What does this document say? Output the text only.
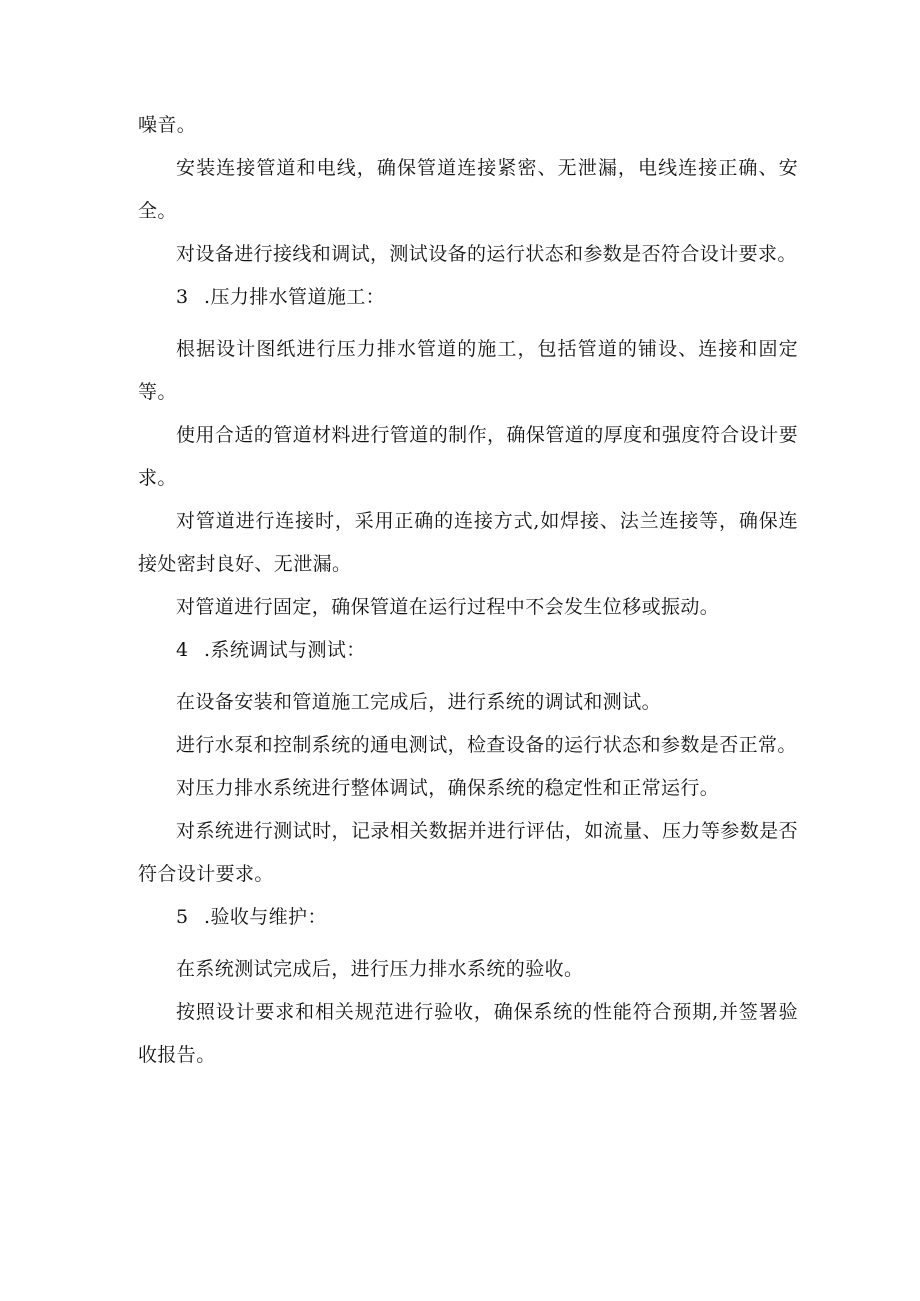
噪音。

安装连接管道和电线，确保管道连接紧密、无泄漏，电线连接正确、安全。

对设备进行接线和调试，测试设备的运行状态和参数是否符合设计要求。

3 .压力排水管道施工：

根据设计图纸进行压力排水管道的施工，包括管道的铺设、连接和固定等。

使用合适的管道材料进行管道的制作，确保管道的厚度和强度符合设计要求。

对管道进行连接时，采用正确的连接方式,如焊接、法兰连接等，确保连接处密封良好、无泄漏。

对管道进行固定，确保管道在运行过程中不会发生位移或振动。

4 .系统调试与测试：

在设备安装和管道施工完成后，进行系统的调试和测试。

进行水泵和控制系统的通电测试，检查设备的运行状态和参数是否正常。

对压力排水系统进行整体调试，确保系统的稳定性和正常运行。

对系统进行测试时，记录相关数据并进行评估，如流量、压力等参数是否符合设计要求。

5 .验收与维护：

在系统测试完成后，进行压力排水系统的验收。

按照设计要求和相关规范进行验收，确保系统的性能符合预期,并签署验收报告。
